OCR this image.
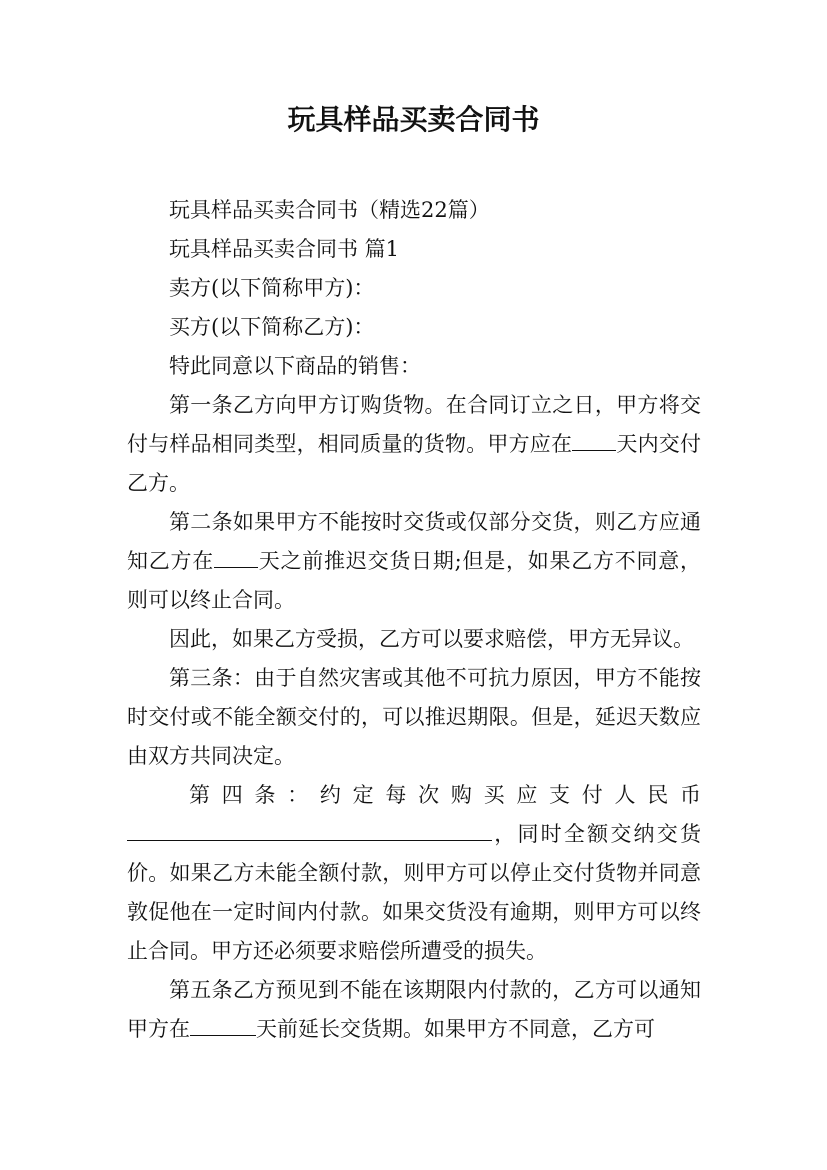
玩具样品买卖合同书

玩具样品买卖合同书（精选22篇）

玩具样品买卖合同书 篇1

卖方(以下简称甲方)：

买方(以下简称乙方)：

特此同意以下商品的销售：

第一条乙方向甲方订购货物。在合同订立之日，甲方将交付与样品相同类型，相同质量的货物。甲方应在 天内交付乙方。

第二条如果甲方不能按时交货或仅部分交货，则乙方应通知乙方在 天之前推迟交货日期;但是，如果乙方不同意，则可以终止合同。

因此，如果乙方受损，乙方可以要求赔偿，甲方无异议。

第三条：由于自然灾害或其他不可抗力原因，甲方不能按时交付或不能全额交付的，可以推迟期限。但是，延迟天数应由双方共同决定。

第 四 条 ： 约 定 每 次 购 买 应 支 付 人 民 币

，同时全额交纳交货价。如果乙方未能全额付款，则甲方可以停止交付货物并同意敦促他在一定时间内付款。如果交货没有逾期，则甲方可以终止合同。甲方还必须要求赔偿所遭受的损失。

第五条乙方预见到不能在该期限内付款的，乙方可以通知甲方在	天前延长交货期。如果甲方不同意，乙方可
